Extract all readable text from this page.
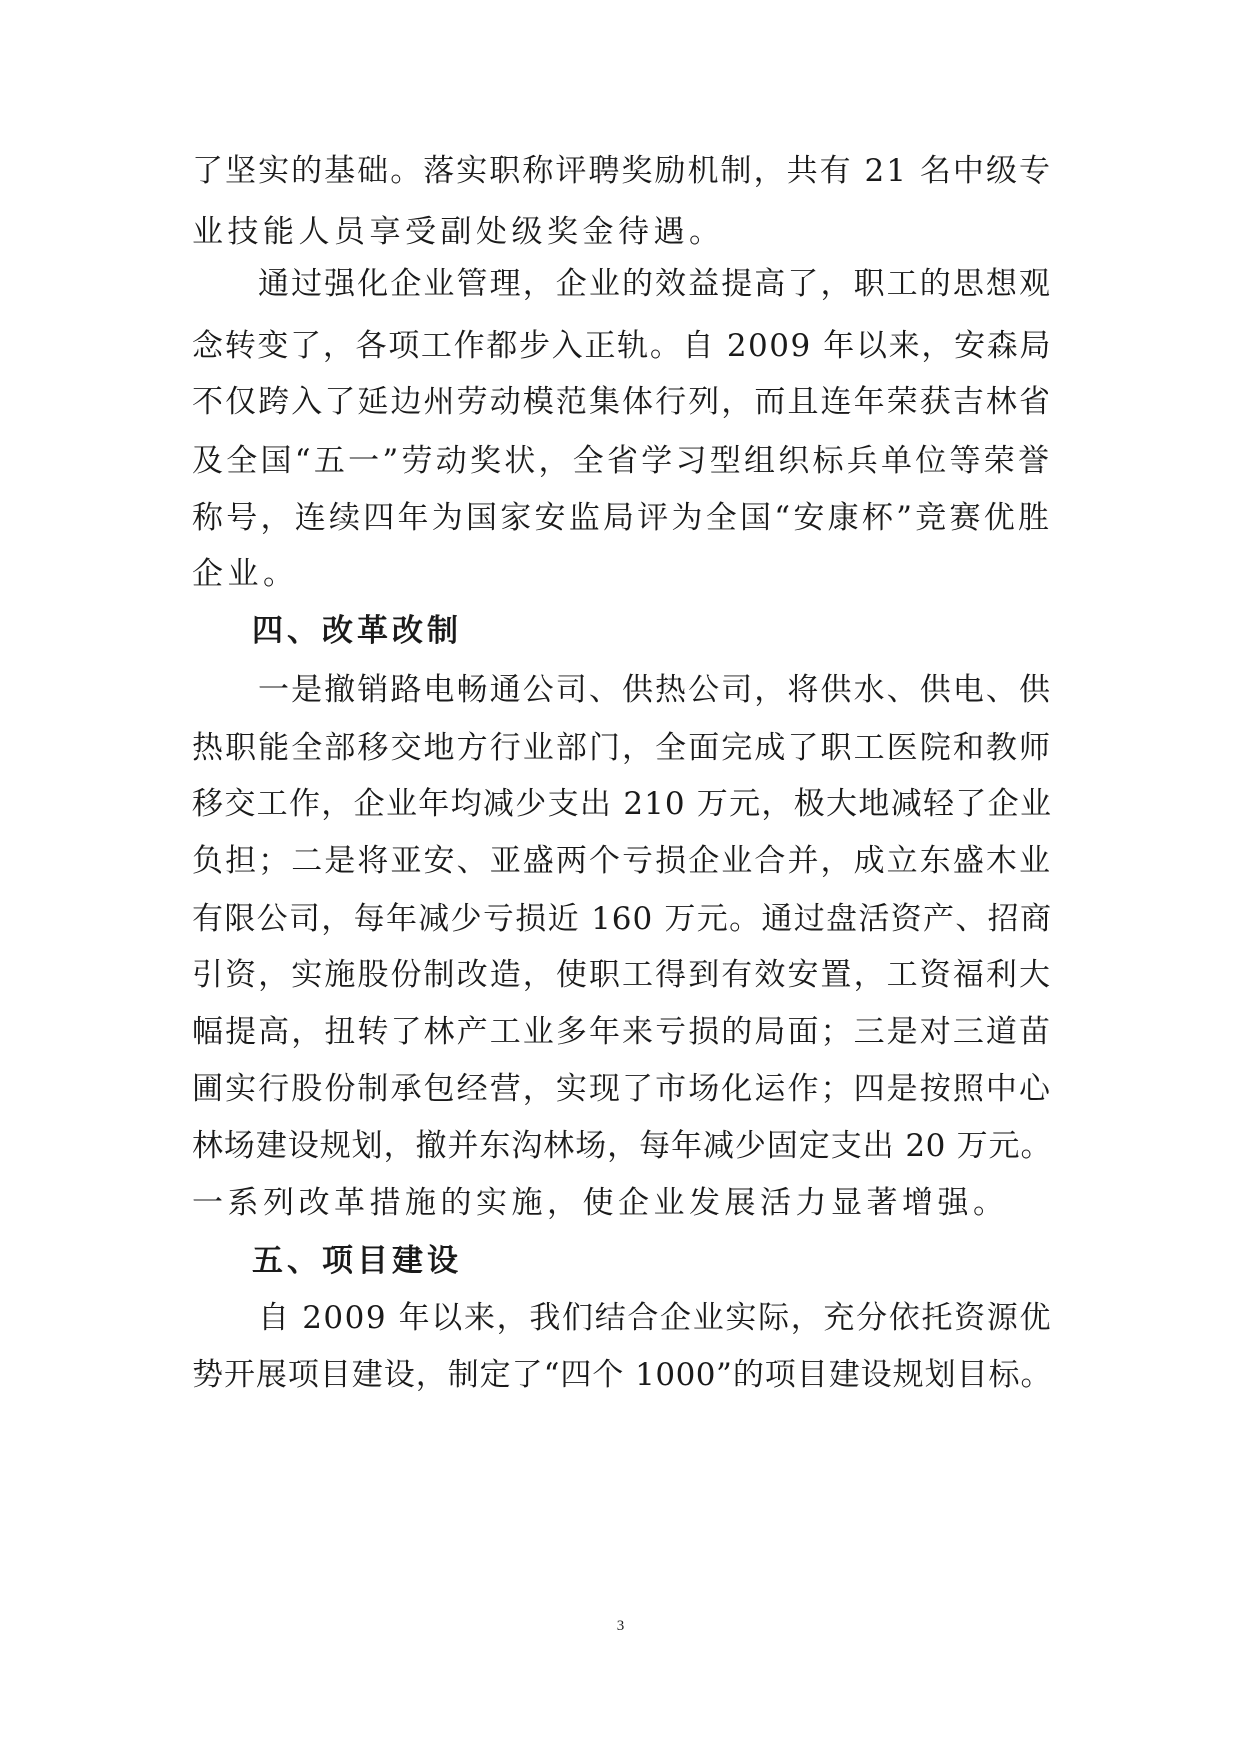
了坚实的基础。落实职称评聘奖励机制，共有 21 名中级专
业技能人员享受副处级奖金待遇。
通过强化企业管理，企业的效益提高了，职工的思想观
念转变了，各项工作都步入正轨。自 2009 年以来，安森局
不仅跨入了延边州劳动模范集体行列，而且连年荣获吉林省
及全国“五一”劳动奖状，全省学习型组织标兵单位等荣誉
称号，连续四年为国家安监局评为全国“安康杯”竞赛优胜
企业。
四、改革改制
一是撤销路电畅通公司、供热公司，将供水、供电、供
热职能全部移交地方行业部门，全面完成了职工医院和教师
移交工作，企业年均减少支出 210 万元，极大地减轻了企业
负担；二是将亚安、亚盛两个亏损企业合并，成立东盛木业
有限公司，每年减少亏损近 160 万元。通过盘活资产、招商
引资，实施股份制改造，使职工得到有效安置，工资福利大
幅提高，扭转了林产工业多年来亏损的局面；三是对三道苗
圃实行股份制承包经营，实现了市场化运作；四是按照中心
林场建设规划，撤并东沟林场，每年减少固定支出 20 万元。
一系列改革措施的实施，使企业发展活力显著增强。
五、项目建设
自 2009 年以来，我们结合企业实际，充分依托资源优
势开展项目建设，制定了“四个 1000”的项目建设规划目标。
3
